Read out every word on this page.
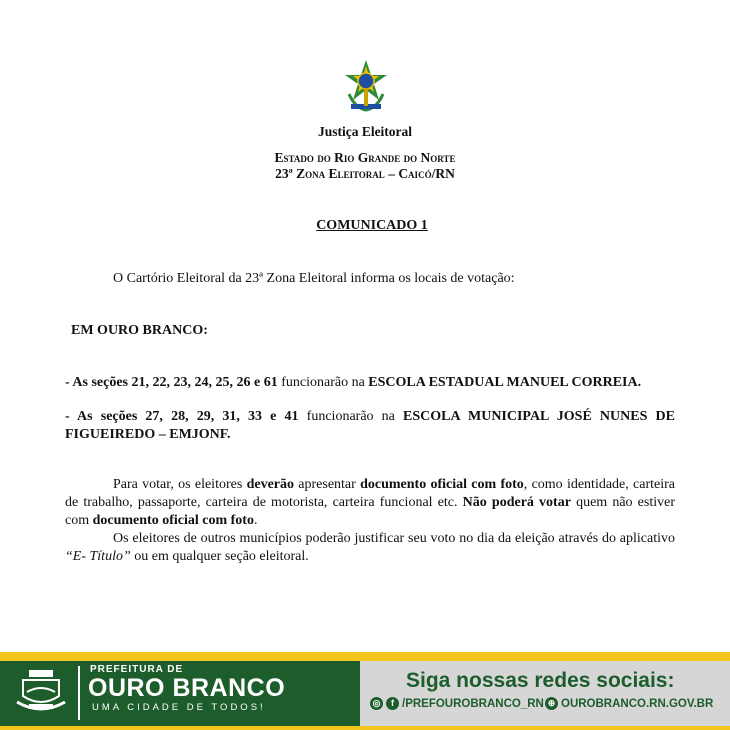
Justiça Eleitoral
Estado do Rio Grande do Norte
23ª Zona Eleitoral – Caicó/RN
COMUNICADO 1
O Cartório Eleitoral da 23ª Zona Eleitoral informa os locais de votação:
EM OURO BRANCO:
- As seções 21, 22, 23, 24, 25, 26 e 61 funcionarão na ESCOLA ESTADUAL MANUEL CORREIA.
- As seções 27, 28, 29, 31, 33 e 41 funcionarão na ESCOLA MUNICIPAL JOSÉ NUNES DE FIGUEIREDO – EMJONF.
Para votar, os eleitores deverão apresentar documento oficial com foto, como identidade, carteira de trabalho, passaporte, carteira de motorista, carteira funcional etc. Não poderá votar quem não estiver com documento oficial com foto.
Os eleitores de outros municípios poderão justificar seu voto no dia da eleição através do aplicativo “E- Título” ou em qualquer seção eleitoral.
PREFEITURA DE
OURO BRANCO
UMA CIDADE DE TODOS!
Siga nossas redes sociais:
◎	f /PREFOUROBRANCO_RN ⊕ OUROBRANCO.RN.GOV.BR
